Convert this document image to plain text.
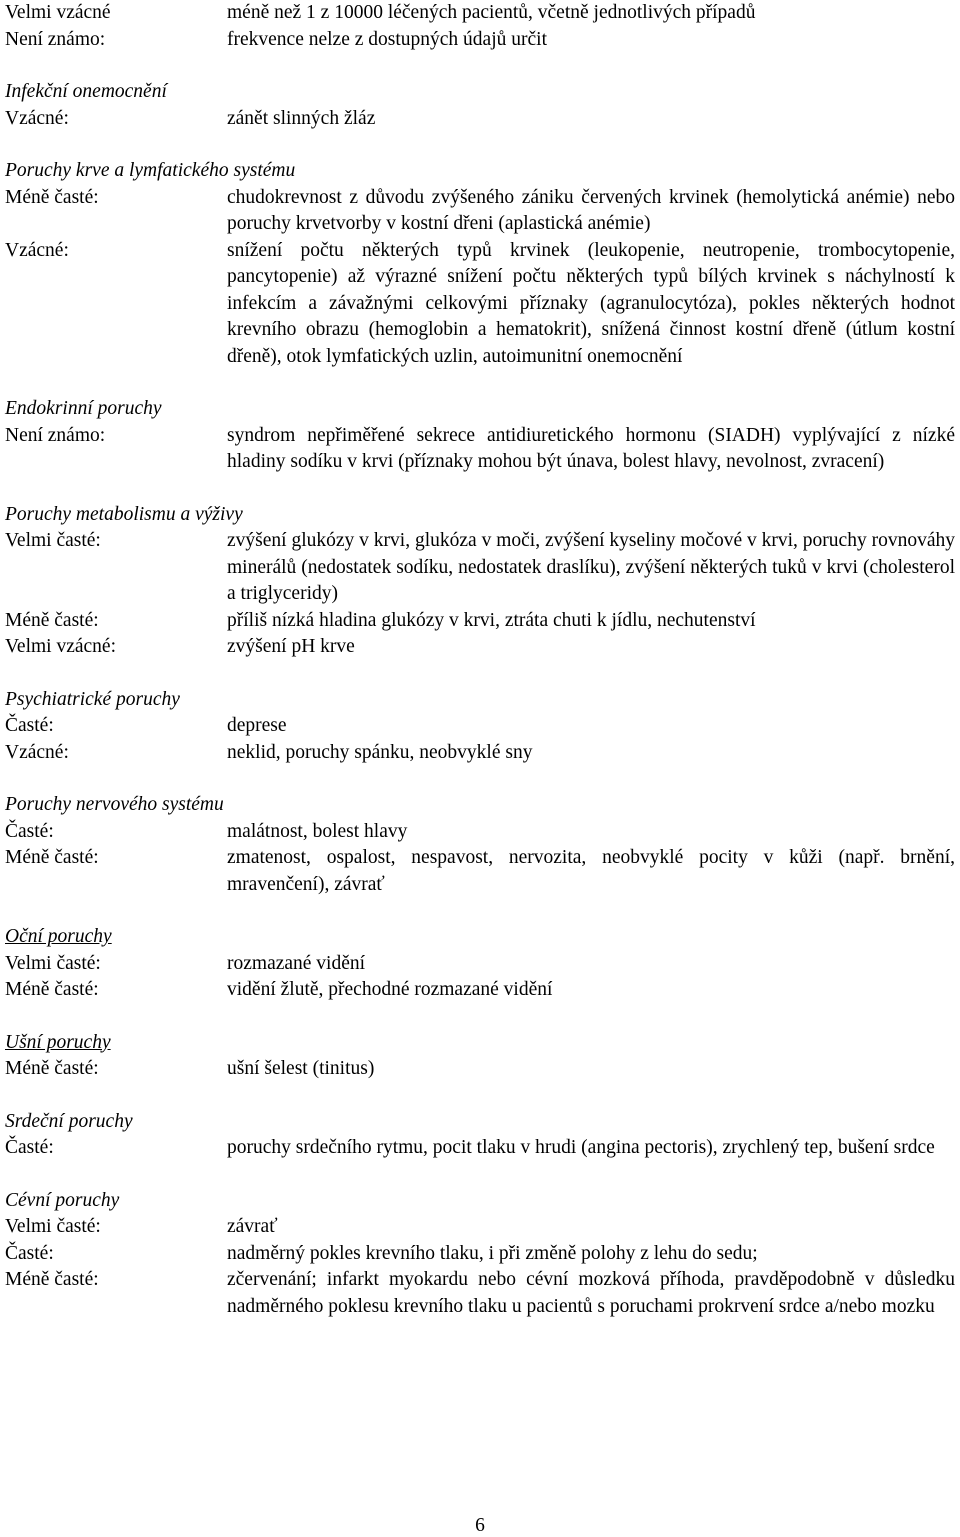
Velmi vzácné	méně než 1 z 10000 léčených pacientů, včetně jednotlivých případů
Není známo:	frekvence nelze z dostupných údajů určit
Infekční onemocnění
Vzácné:	zánět slinných žláz
Poruchy krve a lymfatického systému
Méně časté:	chudokrevnost z důvodu zvýšeného zániku červených krvinek (hemolytická anémie) nebo poruchy krvetvorby v kostní dřeni (aplastická anémie)
Vzácné:	snížení počtu některých typů krvinek (leukopenie, neutropenie, trombocytopenie, pancytopenie) až výrazné snížení počtu některých typů bílých krvinek s náchylností k infekcím a závažnými celkovými příznaky (agranulocytóza), pokles některých hodnot krevního obrazu (hemoglobin a hematokrit), snížená činnost kostní dřeně (útlum kostní dřeně), otok lymfatických uzlin, autoimunitní onemocnění
Endokrinní poruchy
Není známo:	syndrom nepřiměřené sekrece antidiuretického hormonu (SIADH) vyplývající z nízké hladiny sodíku v krvi (příznaky mohou být únava, bolest hlavy, nevolnost, zvracení)
Poruchy metabolismu a výživy
Velmi časté:	zvýšení glukózy v krvi, glukóza v moči, zvýšení kyseliny močové v krvi, poruchy rovnováhy minerálů (nedostatek sodíku, nedostatek draslíku), zvýšení některých tuků v krvi (cholesterol a triglyceridy)
Méně časté:	příliš nízká hladina glukózy v krvi, ztráta chuti k jídlu, nechutenství
Velmi vzácné:	zvýšení pH krve
Psychiatrické poruchy
Časté:	deprese
Vzácné:	neklid, poruchy spánku, neobvyklé sny
Poruchy nervového systému
Časté:	malátnost, bolest hlavy
Méně časté:	zmatenost, ospalost, nespavost, nervozita, neobvyklé pocity v kůži (např. brnění, mravenčení), závrať
Oční poruchy
Velmi časté:	rozmazané vidění
Méně časté:	vidění žlutě, přechodné rozmazané vidění
Ušní poruchy
Méně časté:	ušní šelest (tinitus)
Srdeční poruchy
Časté:	poruchy srdečního rytmu, pocit tlaku v hrudi (angina pectoris), zrychlený tep, bušení srdce
Cévní poruchy
Velmi časté:	závrať
Časté:	nadměrný pokles krevního tlaku, i při změně polohy z lehu do sedu;
Méně časté:	zčervenání; infarkt myokardu nebo cévní mozková příhoda, pravděpodobně v důsledku nadměrného poklesu krevního tlaku u pacientů s poruchami prokrvení srdce a/nebo mozku
6
